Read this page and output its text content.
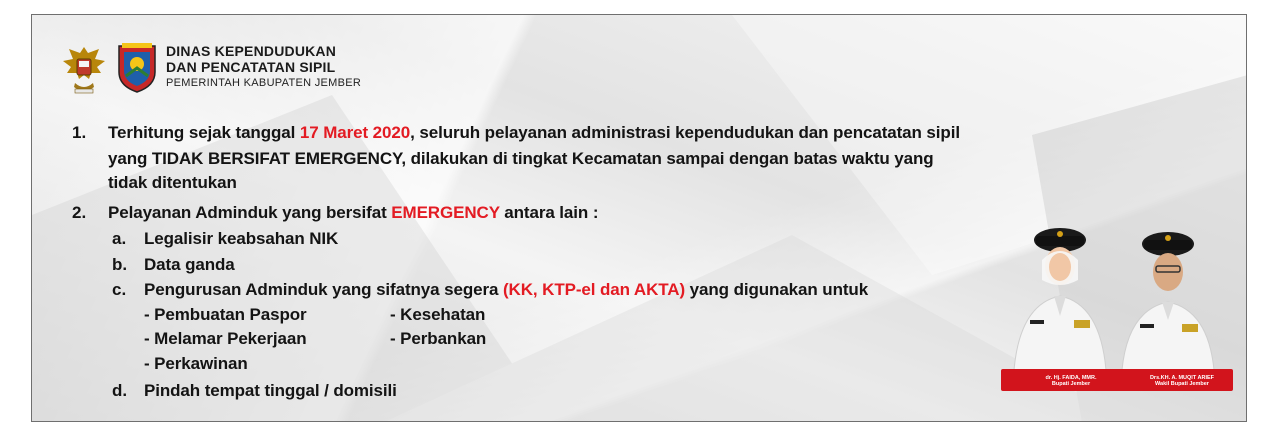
DINAS KEPENDUDUKAN
DAN PENCATATAN SIPIL
PEMERINTAH KABUPATEN JEMBER
1. Terhitung sejak tanggal 17 Maret 2020, seluruh pelayanan administrasi kependudukan dan pencatatan sipil
yang TIDAK BERSIFAT EMERGENCY, dilakukan di tingkat Kecamatan sampai dengan batas waktu yang
tidak ditentukan
2. Pelayanan Adminduk yang bersifat EMERGENCY antara lain :
a. Legalisir keabsahan NIK
b. Data ganda
c. Pengurusan Adminduk yang sifatnya segera (KK, KTP-el dan AKTA) yang digunakan untuk
- Pembuatan Paspor	- Kesehatan
- Melamar Pekerjaan	- Perbankan
- Perkawinan
d. Pindah tempat tinggal / domisili
dr. Hj. FAIDA, MMR.
Bupati Jember
Drs.KH. A. MUQIT ARIEF
Wakil Bupati Jember
